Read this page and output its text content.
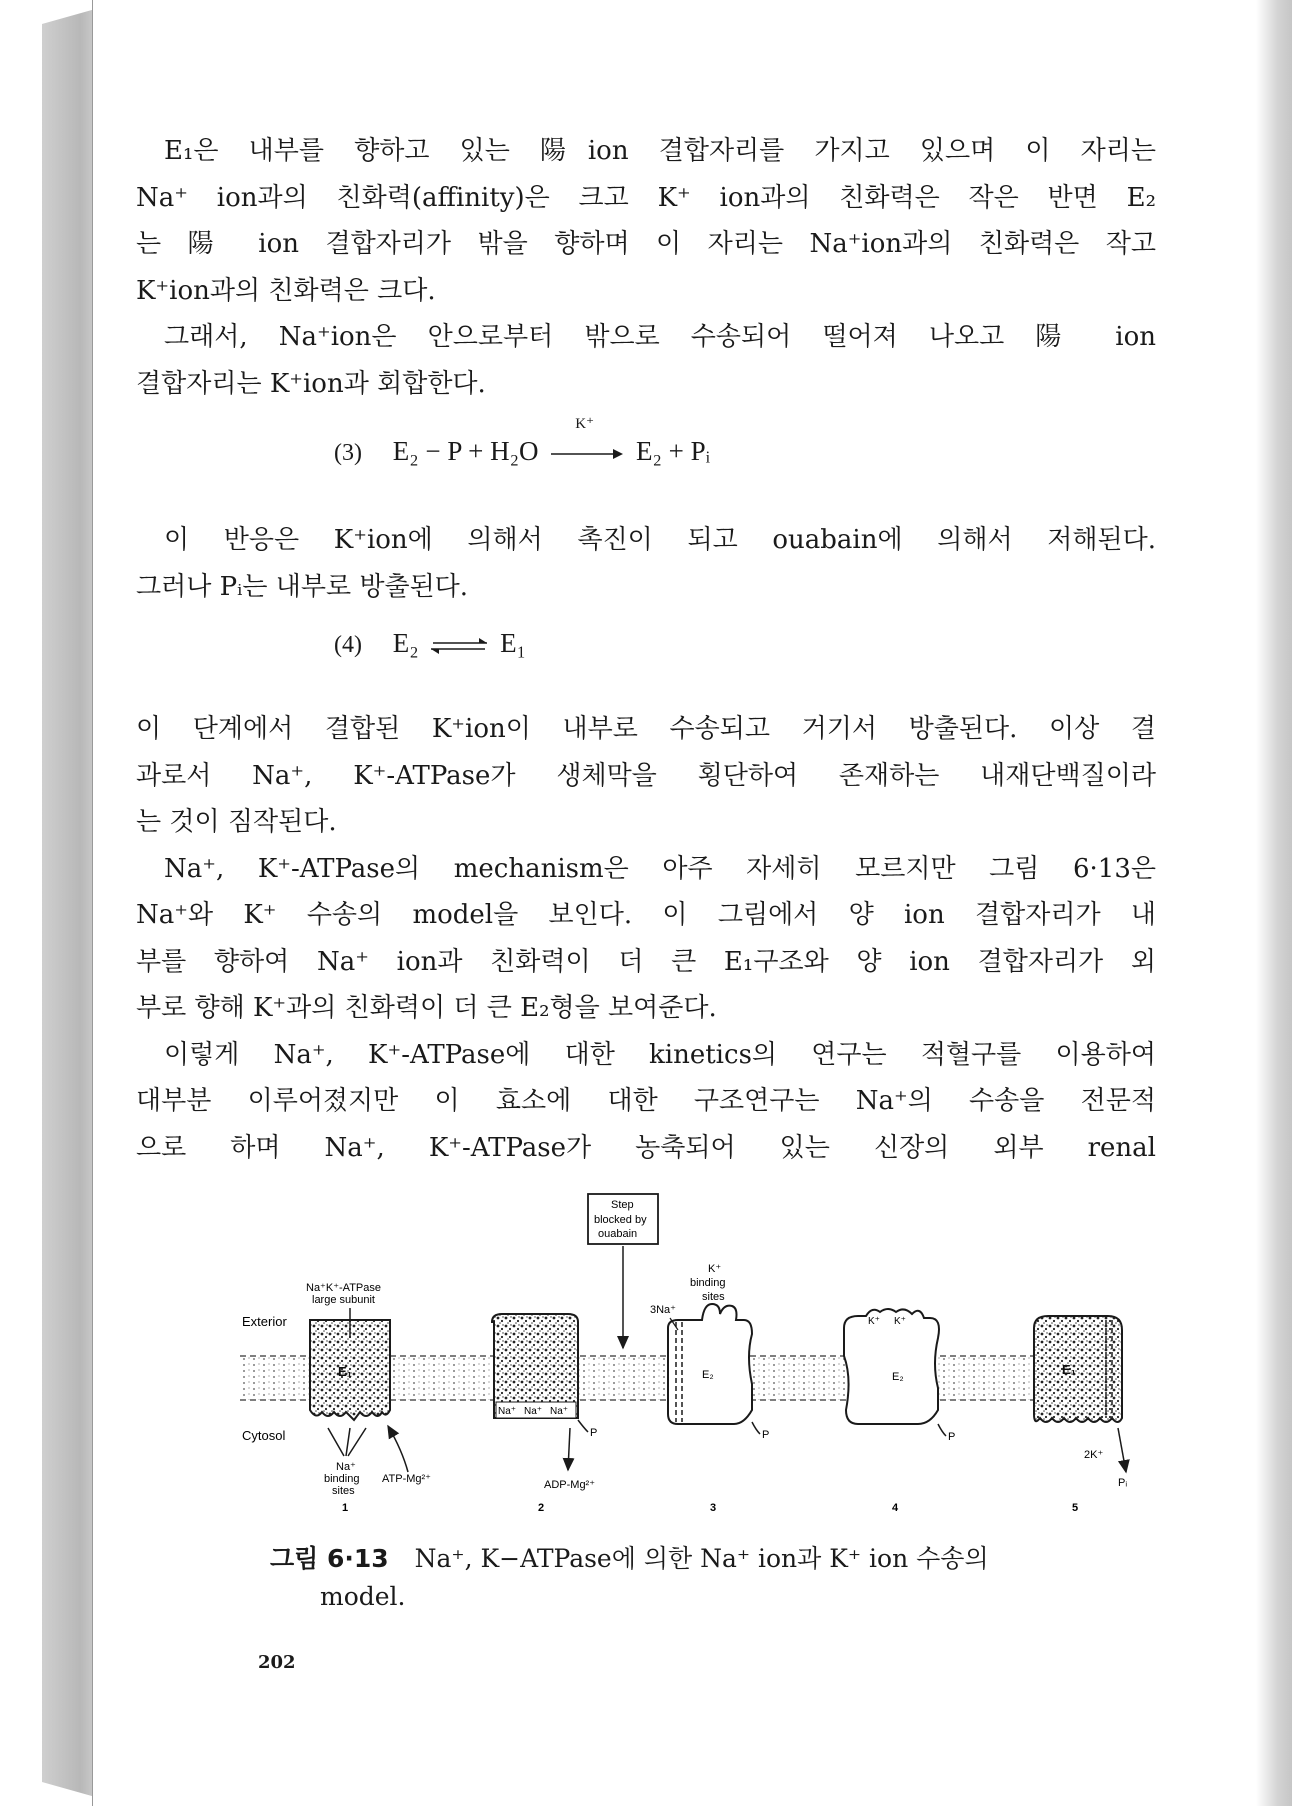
E₁은 내부를 향하고 있는 陽ion 결합자리를 가지고 있으며 이 자리는

Na⁺ ion과의 친화력(affinity)은 크고 K⁺ ion과의 친화력은 작은 반면 E₂

는 陽 ion 결합자리가 밖을 향하며 이 자리는 Na⁺ion과의 친화력은 작고

K⁺ion과의 친화력은 크다.

그래서, Na⁺ion은 안으로부터 밖으로 수송되어 떨어져 나오고 陽 ion

결합자리는 K⁺ion과 회합한다.

이 반응은 K⁺ion에 의해서 촉진이 되고 ouabain에 의해서 저해된다.

그러나 Pᵢ는 내부로 방출된다.

이 단계에서 결합된 K⁺ion이 내부로 수송되고 거기서 방출된다. 이상 결

과로서 Na⁺, K⁺-ATPase가 생체막을 횡단하여 존재하는 내재단백질이라

는 것이 짐작된다.

Na⁺, K⁺-ATPase의 mechanism은 아주 자세히 모르지만 그림 6·13은

Na⁺와 K⁺ 수송의 model을 보인다. 이 그림에서 양 ion 결합자리가 내

부를 향하여 Na⁺ ion과 친화력이 더 큰 E₁구조와 양 ion 결합자리가 외

부로 향해 K⁺과의 친화력이 더 큰 E₂형을 보여준다.

이렇게 Na⁺, K⁺-ATPase에 대한 kinetics의 연구는 적혈구를 이용하여

대부분 이루어졌지만 이 효소에 대한 구조연구는 Na⁺의 수송을 전문적

으로 하며 Na⁺, K⁺-ATPase가 농축되어 있는 신장의 외부 renal

(3) E₂ − P + H₂O
K⁺
E₂ + Pᵢ
(4) E₂ ⇌ E₁
Exterior
Cytosol
E₁
Na⁺K⁺-ATPase
large subunit
Na⁺
binding
sites
ATP-Mg²⁺
1
Na⁺ Na⁺ Na⁺
P
ADP-Mg²⁺
2
Step
blocked by
ouabain
E₂
3Na⁺
K⁺
binding
sites
P
3
K⁺ K⁺
E₂
P
4
E₁
2K⁺
Pᵢ
5
그림 6·13 Na⁺, K−ATPase에 의한 Na⁺ ion과 K⁺ ion 수송의
model.
202
